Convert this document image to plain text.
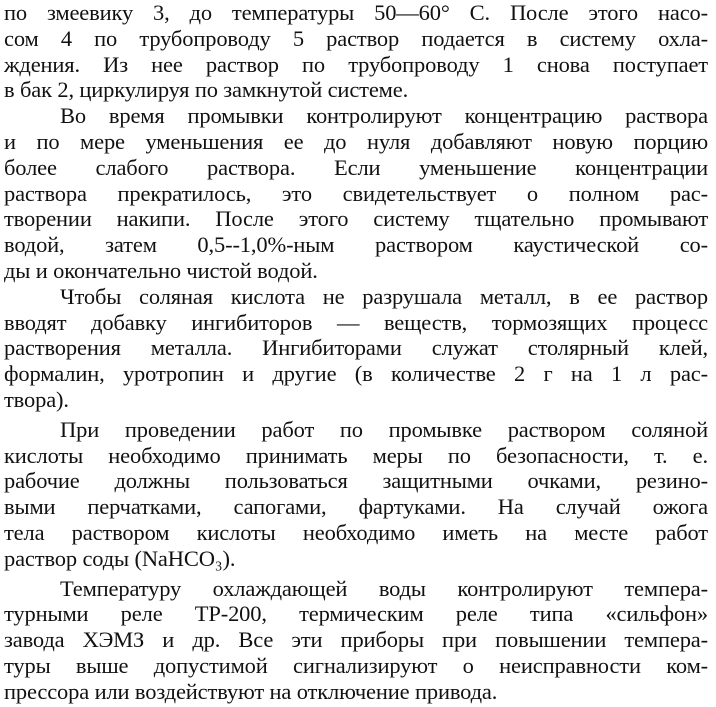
по змеевику 3, до температуры 50—60° С. После этого насо-
сом 4 по трубопроводу 5 раствор подается в систему охла-
ждения. Из нее раствор по трубопроводу 1 снова поступает
в бак 2, циркулируя по замкнутой системе.
Во время промывки контролируют концентрацию раствора
и по мере уменьшения ее до нуля добавляют новую порцию
более слабого раствора. Если уменьшение концентрации
раствора прекратилось, это свидетельствует о полном рас-
творении накипи. После этого систему тщательно промывают
водой, затем 0,5--1,0%-ным раствором каустической со-
ды и окончательно чистой водой.
Чтобы соляная кислота не разрушала металл, в ее раствор
вводят добавку ингибиторов — веществ, тормозящих процесс
растворения металла. Ингибиторами служат столярный клей,
формалин, уротропин и другие (в количестве 2 г на 1 л рас-
твора).
При проведении работ по промывке раствором соляной
кислоты необходимо принимать меры по безопасности, т. е.
рабочие должны пользоваться защитными очками, резино-
выми перчатками, сапогами, фартуками. На случай ожога
тела раствором кислоты необходимо иметь на месте работ
раствор соды (NaHCO₃).
Температуру охлаждающей воды контролируют темпера-
турными реле ТР-200, термическим реле типа «сильфон»
завода ХЭМЗ и др. Все эти приборы при повышении темпера-
туры выше допустимой сигнализируют о неисправности ком-
прессора или воздействуют на отключение привода.
